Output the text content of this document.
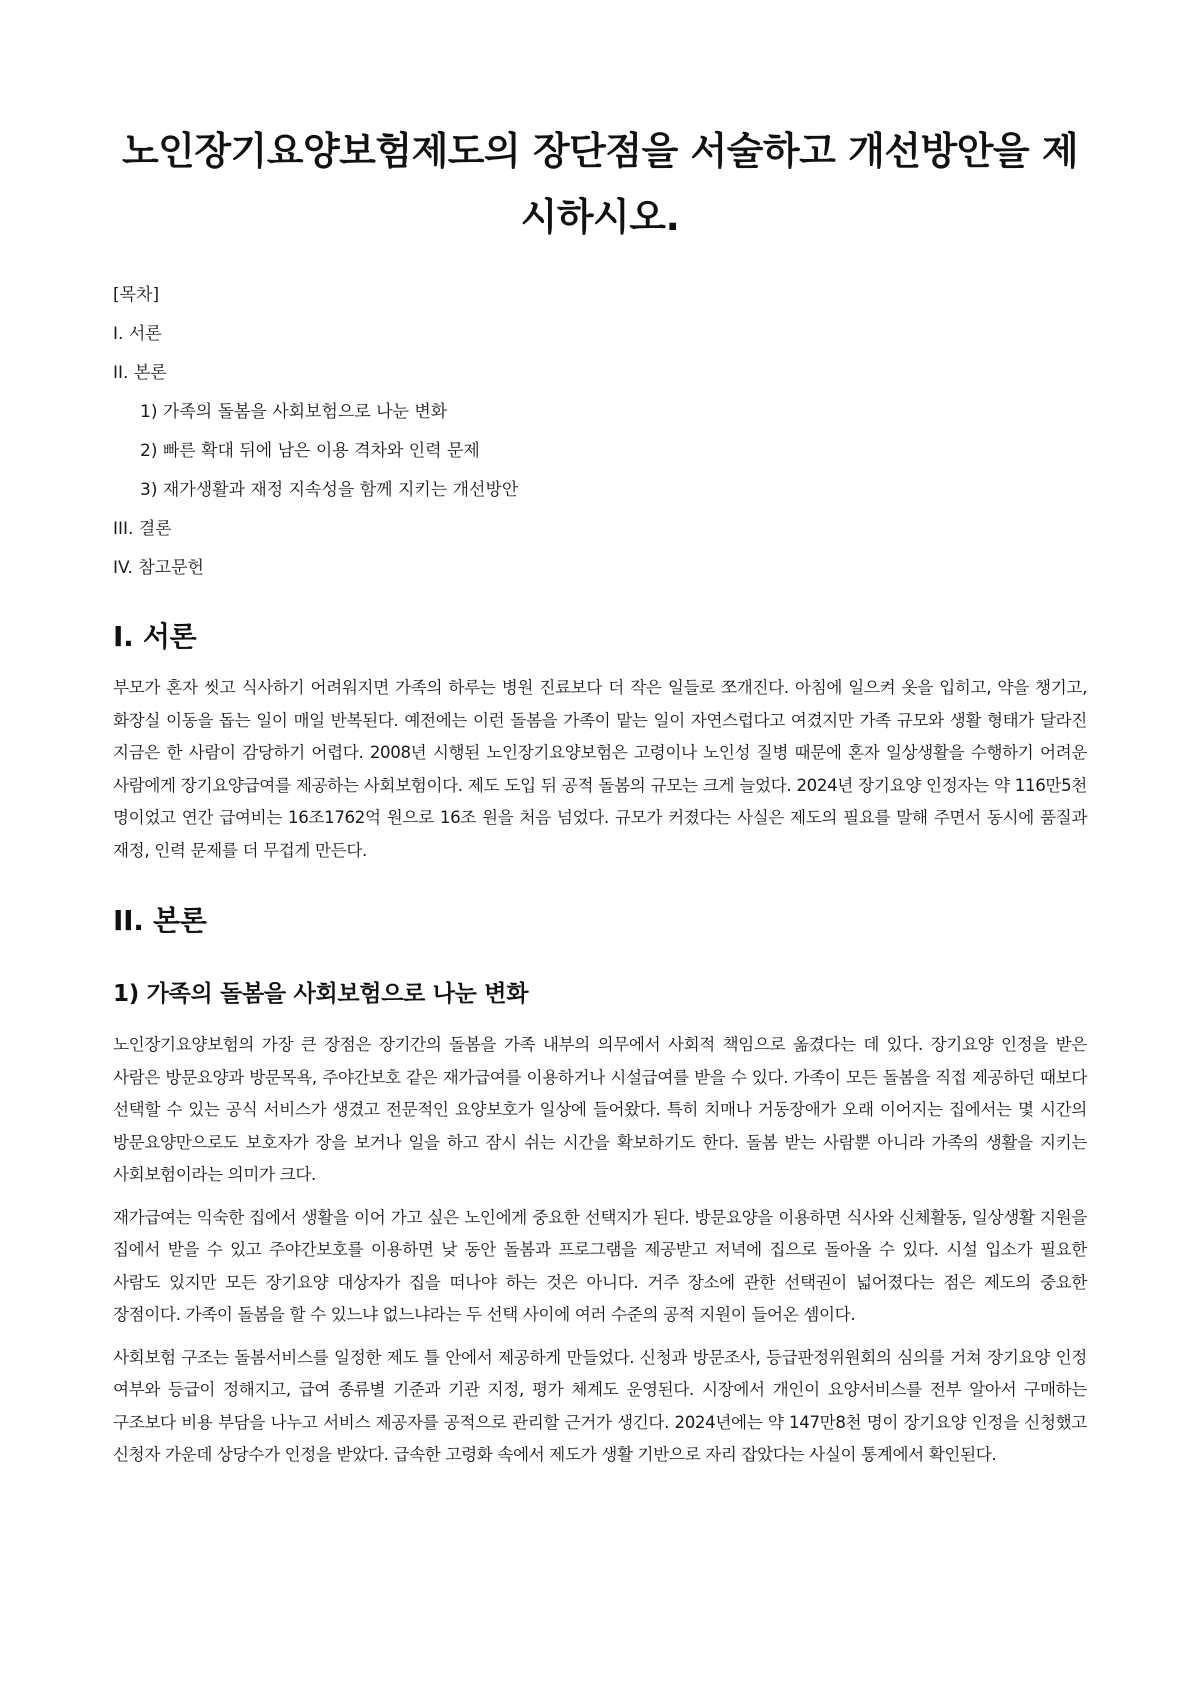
노인장기요양보험제도의 장단점을 서술하고 개선방안을 제시하시오.
[목차]
I. 서론
II. 본론
1) 가족의 돌봄을 사회보험으로 나눈 변화
2) 빠른 확대 뒤에 남은 이용 격차와 인력 문제
3) 재가생활과 재정 지속성을 함께 지키는 개선방안
III. 결론
IV. 참고문헌
I. 서론

부모가 혼자 씻고 식사하기 어려워지면 가족의 하루는 병원 진료보다 더 작은 일들로 쪼개진다. 아침에 일으켜 옷을 입히고, 약을 챙기고, 화장실 이동을 돕는 일이 매일 반복된다. 예전에는 이런 돌봄을 가족이 맡는 일이 자연스럽다고 여겼지만 가족 규모와 생활 형태가 달라진 지금은 한 사람이 감당하기 어렵다. 2008년 시행된 노인장기요양보험은 고령이나 노인성 질병 때문에 혼자 일상생활을 수행하기 어려운 사람에게 장기요양급여를 제공하는 사회보험이다. 제도 도입 뒤 공적 돌봄의 규모는 크게 늘었다. 2024년 장기요양 인정자는 약 116만5천 명이었고 연간 급여비는 16조1762억 원으로 16조 원을 처음 넘었다. 규모가 커졌다는 사실은 제도의 필요를 말해 주면서 동시에 품질과 재정, 인력 문제를 더 무겁게 만든다.

II. 본론
1) 가족의 돌봄을 사회보험으로 나눈 변화

노인장기요양보험의 가장 큰 장점은 장기간의 돌봄을 가족 내부의 의무에서 사회적 책임으로 옮겼다는 데 있다. 장기요양 인정을 받은 사람은 방문요양과 방문목욕, 주야간보호 같은 재가급여를 이용하거나 시설급여를 받을 수 있다. 가족이 모든 돌봄을 직접 제공하던 때보다 선택할 수 있는 공식 서비스가 생겼고 전문적인 요양보호가 일상에 들어왔다. 특히 치매나 거동장애가 오래 이어지는 집에서는 몇 시간의 방문요양만으로도 보호자가 장을 보거나 일을 하고 잠시 쉬는 시간을 확보하기도 한다. 돌봄 받는 사람뿐 아니라 가족의 생활을 지키는 사회보험이라는 의미가 크다.

재가급여는 익숙한 집에서 생활을 이어 가고 싶은 노인에게 중요한 선택지가 된다. 방문요양을 이용하면 식사와 신체활동, 일상생활 지원을 집에서 받을 수 있고 주야간보호를 이용하면 낮 동안 돌봄과 프로그램을 제공받고 저녁에 집으로 돌아올 수 있다. 시설 입소가 필요한 사람도 있지만 모든 장기요양 대상자가 집을 떠나야 하는 것은 아니다. 거주 장소에 관한 선택권이 넓어졌다는 점은 제도의 중요한 장점이다. 가족이 돌봄을 할 수 있느냐 없느냐라는 두 선택 사이에 여러 수준의 공적 지원이 들어온 셈이다.

사회보험 구조는 돌봄서비스를 일정한 제도 틀 안에서 제공하게 만들었다. 신청과 방문조사, 등급판정위원회의 심의를 거쳐 장기요양 인정 여부와 등급이 정해지고, 급여 종류별 기준과 기관 지정, 평가 체계도 운영된다. 시장에서 개인이 요양서비스를 전부 알아서 구매하는 구조보다 비용 부담을 나누고 서비스 제공자를 공적으로 관리할 근거가 생긴다. 2024년에는 약 147만8천 명이 장기요양 인정을 신청했고 신청자 가운데 상당수가 인정을 받았다. 급속한 고령화 속에서 제도가 생활 기반으로 자리 잡았다는 사실이 통계에서 확인된다.
